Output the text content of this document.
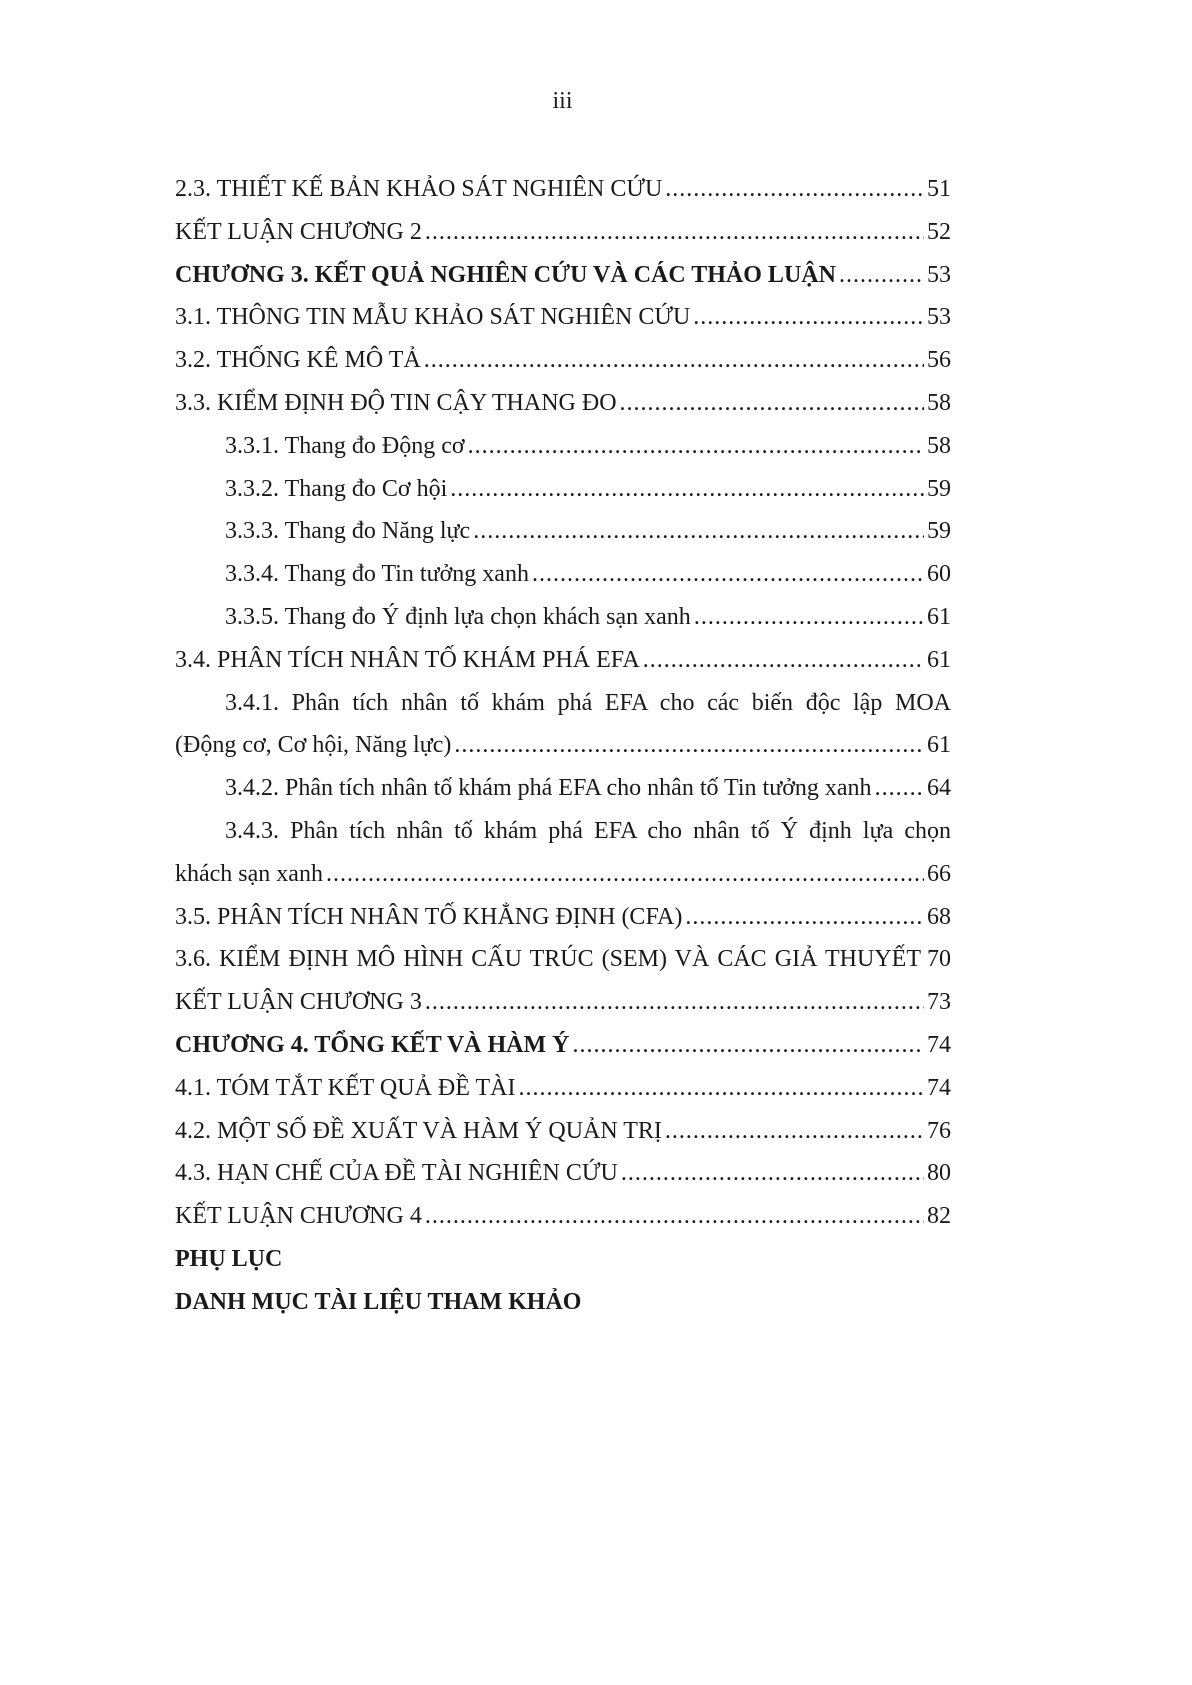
iii
2.3. THIẾT KẾ BẢN KHẢO SÁT NGHIÊN CỨU .....	51
KẾT LUẬN CHƯƠNG 2 .....	52
CHƯƠNG 3. KẾT QUẢ NGHIÊN CỨU VÀ CÁC THẢO LUẬN .....	53
3.1. THÔNG TIN MẪU KHẢO SÁT NGHIÊN CỨU .....	53
3.2. THỐNG KÊ MÔ TẢ .....	56
3.3. KIỂM ĐỊNH ĐỘ TIN CẬY THANG ĐO .....	58
3.3.1. Thang đo Động cơ .....	58
3.3.2. Thang đo Cơ hội .....	59
3.3.3. Thang đo Năng lực .....	59
3.3.4. Thang đo Tin tưởng xanh .....	60
3.3.5. Thang đo Ý định lựa chọn khách sạn xanh .....	61
3.4. PHÂN TÍCH NHÂN TỐ KHÁM PHÁ EFA .....	61
3.4.1. Phân tích nhân tố khám phá EFA cho các biến độc lập MOA
(Động cơ, Cơ hội, Năng lực) .....	61
3.4.2. Phân tích nhân tố khám phá EFA cho nhân tố Tin tưởng xanh ..... 64
3.4.3. Phân tích nhân tố khám phá EFA cho nhân tố Ý định lựa chọn
khách sạn xanh .....	66
3.5. PHÂN TÍCH NHÂN TỐ KHẲNG ĐỊNH (CFA) .....	68
3.6. KIỂM ĐỊNH MÔ HÌNH CẤU TRÚC (SEM) VÀ CÁC GIẢ THUYẾT 70
KẾT LUẬN CHƯƠNG 3 .....	73
CHƯƠNG 4. TỔNG KẾT VÀ HÀM Ý .....	74
4.1. TÓM TẮT KẾT QUẢ ĐỀ TÀI .....	74
4.2. MỘT SỐ ĐỀ XUẤT VÀ HÀM Ý QUẢN TRỊ .....	76
4.3. HẠN CHẾ CỦA ĐỀ TÀI NGHIÊN CỨU .....	80
KẾT LUẬN CHƯƠNG 4 .....	82
PHỤ LỤC
DANH MỤC TÀI LIỆU THAM KHẢO
